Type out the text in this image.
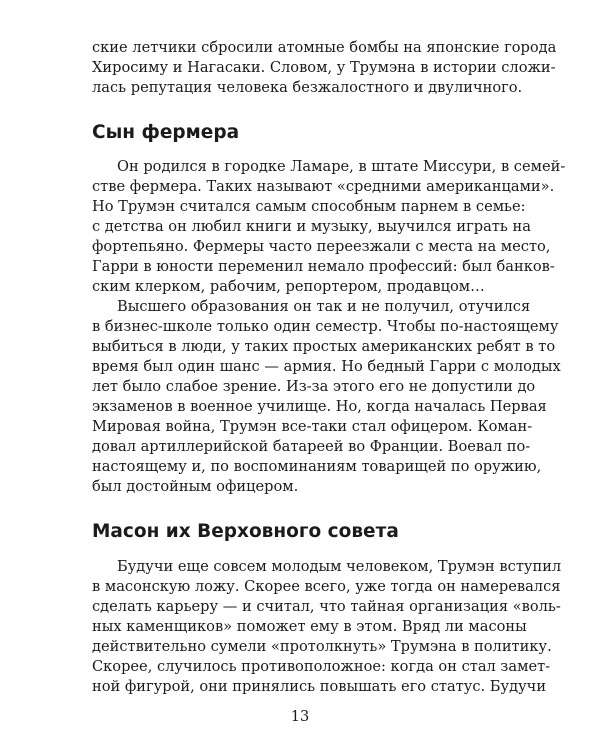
ские летчики сбросили атомные бомбы на японские города
Хиросиму и Нагасаки. Словом, у Трумэна в истории сложи-
лась репутация человека безжалостного и двуличного.
Сын фермера
Он родился в городке Ламаре, в штате Миссури, в семей-
стве фермера. Таких называют «средними американцами».
Но Трумэн считался самым способным парнем в семье:
с детства он любил книги и музыку, выучился играть на
фортепьяно. Фермеры часто переезжали с места на место,
Гарри в юности переменил немало профессий: был банков-
ским клерком, рабочим, репортером, продавцом…
Высшего образования он так и не получил, отучился
в бизнес-школе только один семестр. Чтобы по-настоящему
выбиться в люди, у таких простых американских ребят в то
время был один шанс — армия. Но бедный Гарри с молодых
лет было слабое зрение. Из-за этого его не допустили до
экзаменов в военное училище. Но, когда началась Первая
Мировая война, Трумэн все-таки стал офицером. Коман-
довал артиллерийской батареей во Франции. Воевал по-
настоящему и, по воспоминаниям товарищей по оружию,
был достойным офицером.
Масон их Верховного совета
Будучи еще совсем молодым человеком, Трумэн вступил
в масонскую ложу. Скорее всего, уже тогда он намеревался
сделать карьеру — и считал, что тайная организация «воль-
ных каменщиков» поможет ему в этом. Вряд ли масоны
действительно сумели «протолкнуть» Трумэна в политику.
Скорее, случилось противоположное: когда он стал замет-
ной фигурой, они принялись повышать его статус. Будучи
13
